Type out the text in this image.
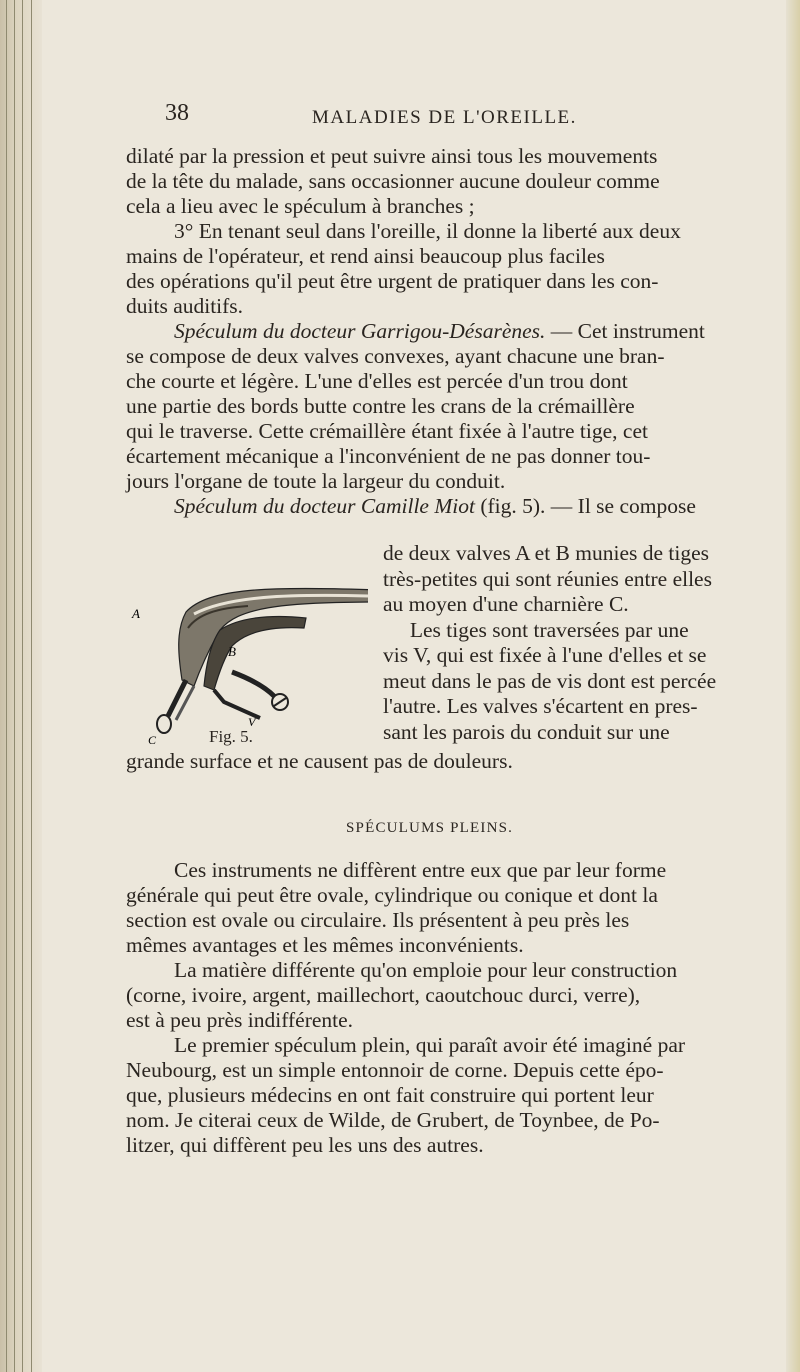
38	MALADIES DE L'OREILLE.

dilaté par la pression et peut suivre ainsi tous les mouvements
de la tête du malade, sans occasionner aucune douleur comme
cela a lieu avec le spéculum à branches ;

3° En tenant seul dans l'oreille, il donne la liberté aux deux
mains de l'opérateur, et rend ainsi beaucoup plus faciles
des opérations qu'il peut être urgent de pratiquer dans les con-
duits auditifs.

Spéculum du docteur Garrigou-Désarènes. — Cet instrument
se compose de deux valves convexes, ayant chacune une bran-
che courte et légère. L'une d'elles est percée d'un trou dont
une partie des bords butte contre les crans de la crémaillère
qui le traverse. Cette crémaillère étant fixée à l'autre tige, cet
écartement mécanique a l'inconvénient de ne pas donner tou-
jours l'organe de toute la largeur du conduit.

Spéculum du docteur Camille Miot (fig. 5). — Il se compose

A
B
C
V
Fig. 5.

de deux valves A et B munies de tiges
très-petites qui sont réunies entre elles
au moyen d'une charnière C.
Les tiges sont traversées par une
vis V, qui est fixée à l'une d'elles et se
meut dans le pas de vis dont est percée
l'autre. Les valves s'écartent en pres-
sant les parois du conduit sur une

grande surface et ne causent pas de douleurs.
SPÉCULUMS PLEINS.

Ces instruments ne diffèrent entre eux que par leur forme
générale qui peut être ovale, cylindrique ou conique et dont la
section est ovale ou circulaire. Ils présentent à peu près les
mêmes avantages et les mêmes inconvénients.

La matière différente qu'on emploie pour leur construction
(corne, ivoire, argent, maillechort, caoutchouc durci, verre),
est à peu près indifférente.

Le premier spéculum plein, qui paraît avoir été imaginé par
Neubourg, est un simple entonnoir de corne. Depuis cette épo-
que, plusieurs médecins en ont fait construire qui portent leur
nom. Je citerai ceux de Wilde, de Grubert, de Toynbee, de Po-
litzer, qui diffèrent peu les uns des autres.
